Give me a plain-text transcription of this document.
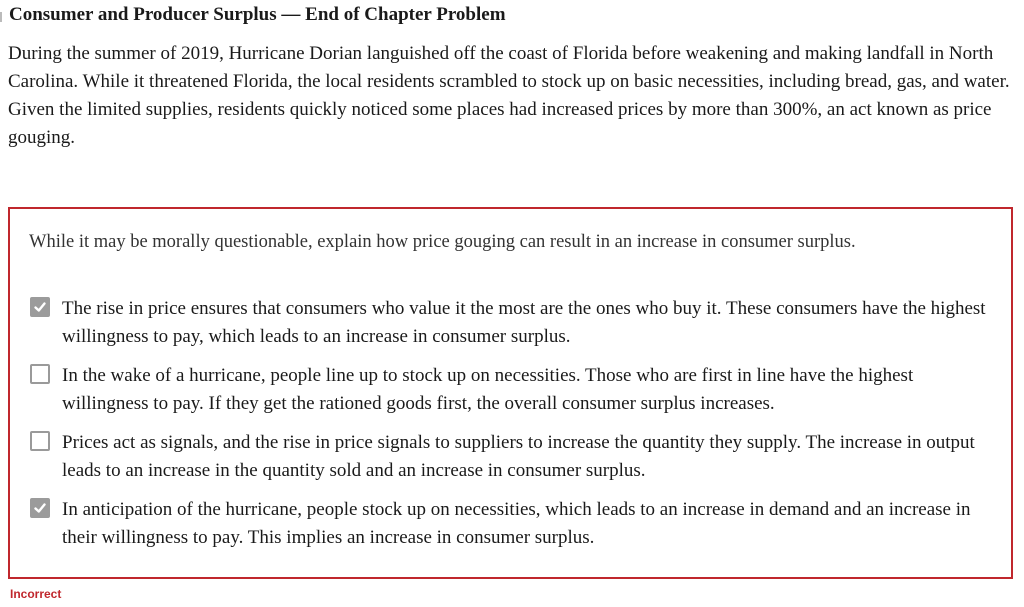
Consumer and Producer Surplus — End of Chapter Problem
During the summer of 2019, Hurricane Dorian languished off the coast of Florida before weakening and making landfall in North Carolina. While it threatened Florida, the local residents scrambled to stock up on basic necessities, including bread, gas, and water. Given the limited supplies, residents quickly noticed some places had increased prices by more than 300%, an act known as price gouging.
While it may be morally questionable, explain how price gouging can result in an increase in consumer surplus.
The rise in price ensures that consumers who value it the most are the ones who buy it. These consumers have the highest willingness to pay, which leads to an increase in consumer surplus.
In the wake of a hurricane, people line up to stock up on necessities. Those who are first in line have the highest willingness to pay. If they get the rationed goods first, the overall consumer surplus increases.
Prices act as signals, and the rise in price signals to suppliers to increase the quantity they supply. The increase in output leads to an increase in the quantity sold and an increase in consumer surplus.
In anticipation of the hurricane, people stock up on necessities, which leads to an increase in demand and an increase in their willingness to pay. This implies an increase in consumer surplus.
Incorrect
